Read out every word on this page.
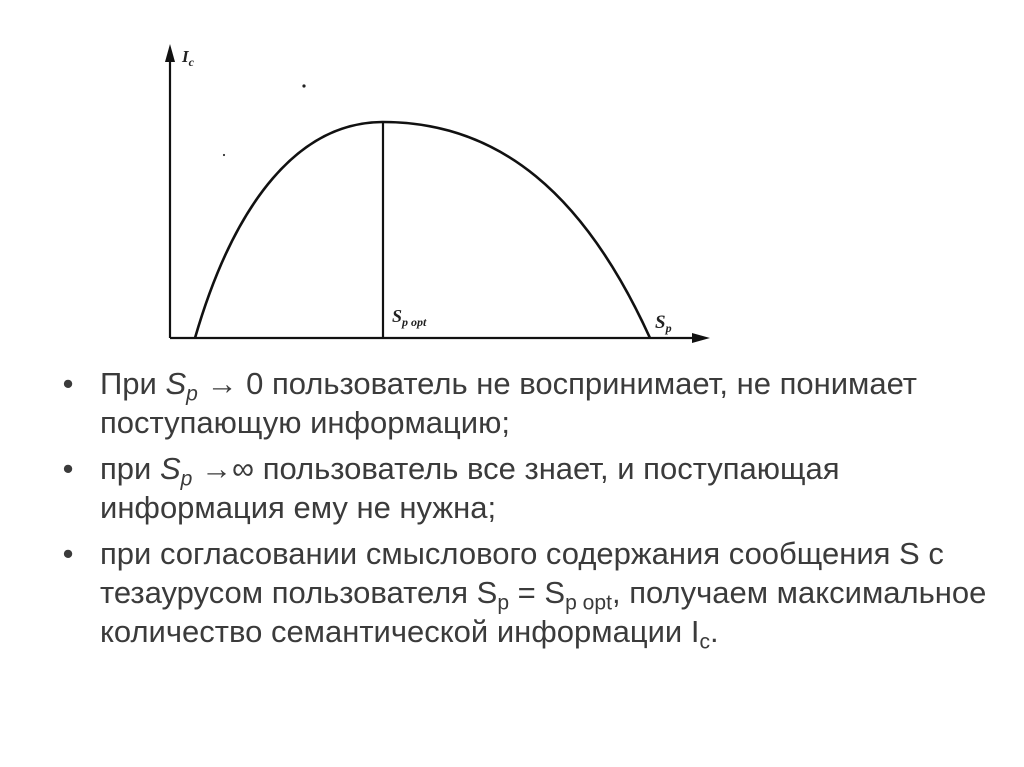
$I_c$
$S_{p opt}$	$S_p$
• При $S_p \to 0$ пользователь не воспринимает, не понимает поступающую информацию;
• при $S_p$ →∞ пользователь все знает, и поступающая информация ему не нужна;
• при согласовании смыслового содержания сообщения S с тезаурусом пользователя $S_p = S_{p opt}$, получаем максимальное количество семантической информации $I_c$.
